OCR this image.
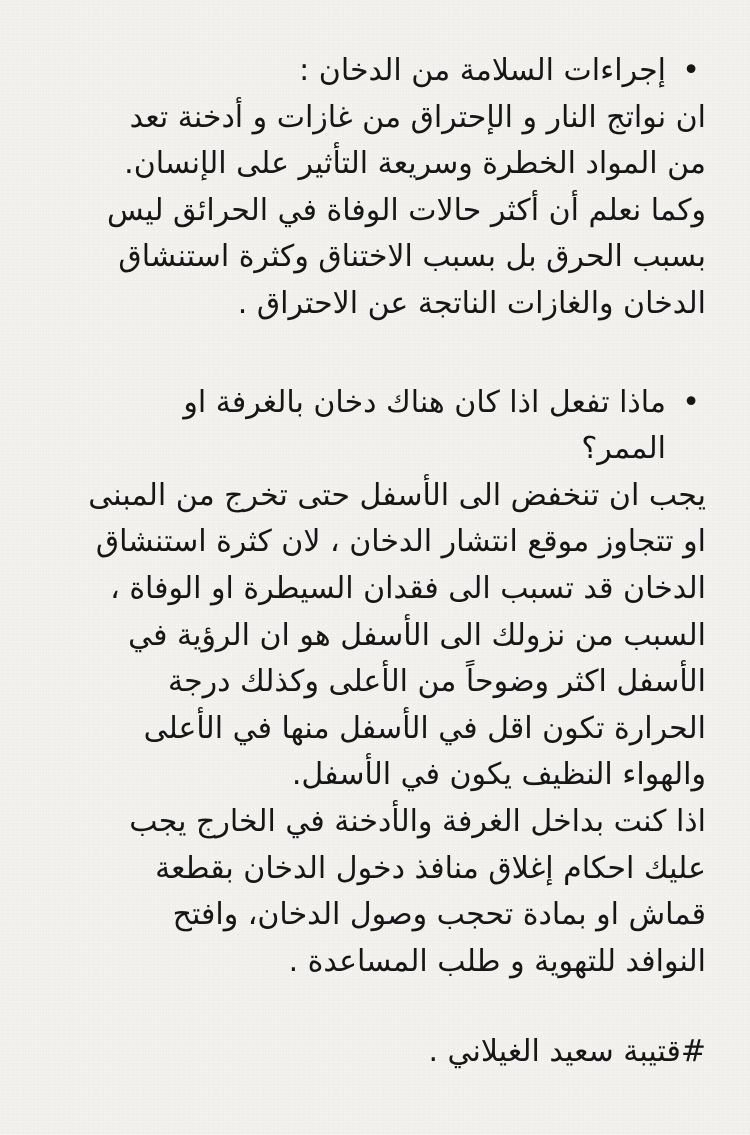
•
إجراءات السلامة من الدخان :
ان نواتج النار و الإحتراق من غازات و أدخنة تعد
من المواد الخطرة وسريعة التأثير على الإنسان.
وكما نعلم أن أكثر حالات الوفاة في الحرائق ليس
بسبب الحرق بل بسبب الاختناق وكثرة استنشاق
الدخان والغازات الناتجة عن الاحتراق .
•
ماذا تفعل اذا كان هناك دخان بالغرفة او
الممر؟
يجب ان تنخفض الى الأسفل حتى تخرج من المبنى
او تتجاوز موقع انتشار الدخان ، لان كثرة استنشاق
الدخان قد تسبب الى فقدان السيطرة او الوفاة ،
السبب من نزولك الى الأسفل هو ان الرؤية في
الأسفل اكثر وضوحاً من الأعلى وكذلك درجة
الحرارة تكون اقل في الأسفل منها في الأعلى
والهواء النظيف يكون في الأسفل.
اذا كنت بداخل الغرفة والأدخنة في الخارج يجب
عليك احكام إغلاق منافذ دخول الدخان بقطعة
قماش او بمادة تحجب وصول الدخان، وافتح
النوافد للتهوية و طلب المساعدة .
#قتيبة سعيد الغيلاني .
